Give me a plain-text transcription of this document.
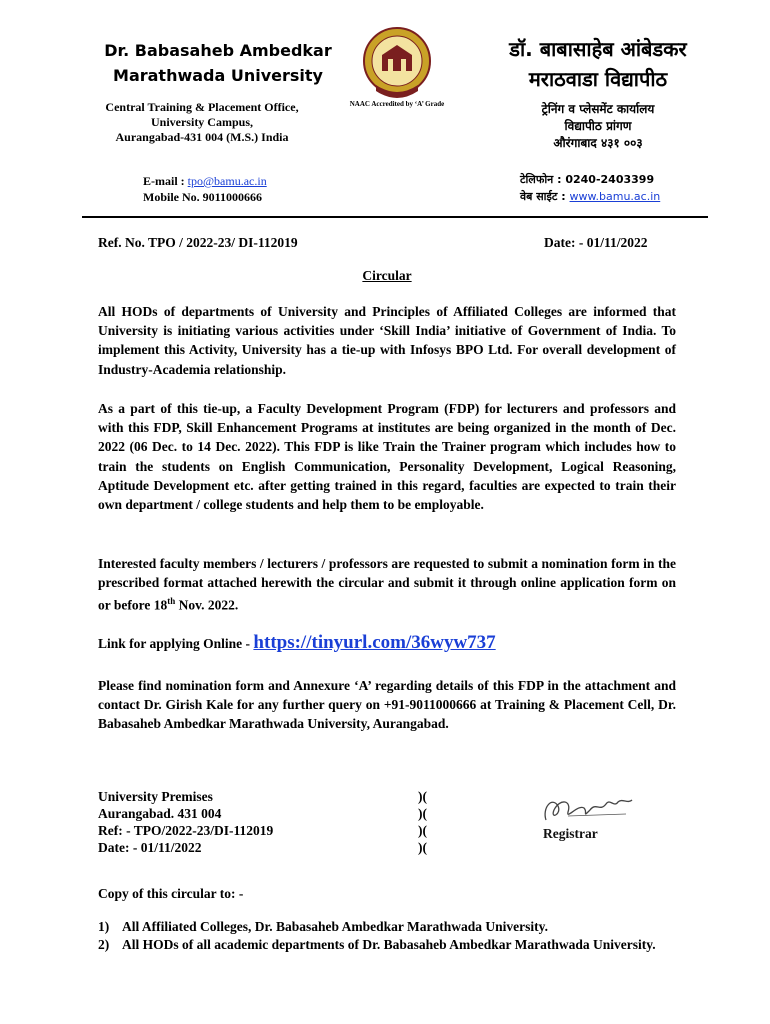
Dr. Babasaheb Ambedkar Marathwada University
Central Training & Placement Office,
University Campus,
Aurangabad-431 004 (M.S.) India
E-mail : tpo@bamu.ac.in
Mobile No. 9011000666
NAAC Accredited by ‘A’ Grade
डॉ. बाबासाहेब आंबेडकर
मराठवाडा विद्यापीठ
ट्रेनिंग व प्लेसमेंट कार्यालय
विद्यापीठ प्रांगण
औरंगाबाद ४३१ ००३
टेलिफोन : 0240-2403399
वेब साईट : www.bamu.ac.in
Ref. No. TPO / 2022-23/ DI-112019	Date: - 01/11/2022
Circular
All HODs of departments of University and Principles of Affiliated Colleges are informed that University is initiating various activities under ‘Skill India’ initiative of Government of India. To implement this Activity, University has a tie-up with Infosys BPO Ltd. For overall development of Industry-Academia relationship.
As a part of this tie-up, a Faculty Development Program (FDP) for lecturers and professors and with this FDP, Skill Enhancement Programs at institutes are being organized in the month of Dec. 2022 (06 Dec. to 14 Dec. 2022). This FDP is like Train the Trainer program which includes how to train the students on English Communication, Personality Development, Logical Reasoning, Aptitude Development etc. after getting trained in this regard, faculties are expected to train their own department / college students and help them to be employable.
Interested faculty members / lecturers / professors are requested to submit a nomination form in the prescribed format attached herewith the circular and submit it through online application form on or before 18th Nov. 2022.
Link for applying Online - https://tinyurl.com/36wyw737
Please find nomination form and Annexure ‘A’ regarding details of this FDP in the attachment and contact Dr. Girish Kale for any further query on +91-9011000666 at Training & Placement Cell, Dr. Babasaheb Ambedkar Marathwada University, Aurangabad.
University Premises
Aurangabad. 431 004
Ref: - TPO/2022-23/DI-112019
Date: - 01/11/2022
)(
)(
)(
)(
Registrar
Copy of this circular to: -
1) All Affiliated Colleges, Dr. Babasaheb Ambedkar Marathwada University.
2) All HODs of all academic departments of Dr. Babasaheb Ambedkar Marathwada University.
